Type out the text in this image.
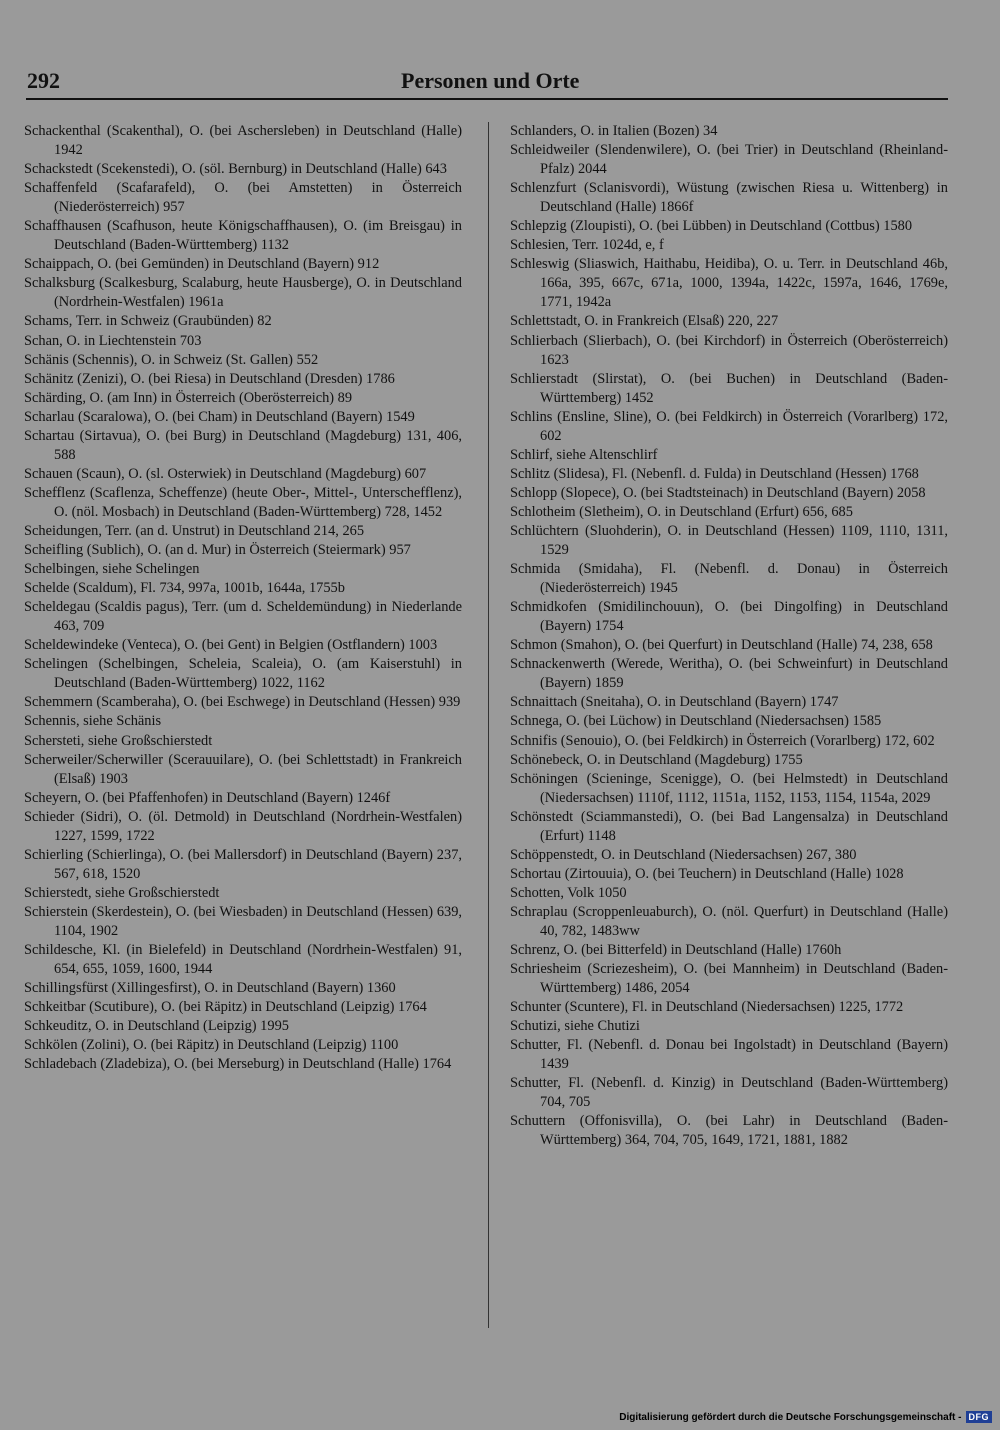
292	Personen und Orte

Schackenthal (Scakenthal), O. (bei Aschersleben) in Deutschland (Halle) 1942

Schackstedt (Scekenstedi), O. (söl. Bernburg) in Deutschland (Halle) 643

Schaffenfeld (Scafarafeld), O. (bei Amstetten) in Österreich (Niederösterreich) 957

Schaffhausen (Scafhuson, heute Königschaffhausen), O. (im Breisgau) in Deutschland (Baden-Württemberg) 1132

Schaippach, O. (bei Gemünden) in Deutschland (Bayern) 912

Schalksburg (Scalkesburg, Scalaburg, heute Hausberge), O. in Deutschland (Nordrhein-Westfalen) 1961a

Schams, Terr. in Schweiz (Graubünden) 82

Schan, O. in Liechtenstein 703

Schänis (Schennis), O. in Schweiz (St. Gallen) 552

Schänitz (Zenizi), O. (bei Riesa) in Deutschland (Dresden) 1786

Schärding, O. (am Inn) in Österreich (Oberösterreich) 89

Scharlau (Scaralowa), O. (bei Cham) in Deutschland (Bayern) 1549

Schartau (Sirtavua), O. (bei Burg) in Deutschland (Magdeburg) 131, 406, 588

Schauen (Scaun), O. (sl. Osterwiek) in Deutschland (Magdeburg) 607

Schefflenz (Scaflenza, Scheffenze) (heute Ober-, Mittel-, Unterschefflenz), O. (nöl. Mosbach) in Deutschland (Baden-Württemberg) 728, 1452

Scheidungen, Terr. (an d. Unstrut) in Deutschland 214, 265

Scheifling (Sublich), O. (an d. Mur) in Österreich (Steiermark) 957

Schelbingen, siehe Schelingen

Schelde (Scaldum), Fl. 734, 997a, 1001b, 1644a, 1755b

Scheldegau (Scaldis pagus), Terr. (um d. Scheldemündung) in Niederlande 463, 709

Scheldewindeke (Venteca), O. (bei Gent) in Belgien (Ostflandern) 1003

Schelingen (Schelbingen, Scheleia, Scaleia), O. (am Kaiserstuhl) in Deutschland (Baden-Württemberg) 1022, 1162

Schemmern (Scamberaha), O. (bei Eschwege) in Deutschland (Hessen) 939

Schennis, siehe Schänis

Schersteti, siehe Großschierstedt

Scherweiler/Scherwiller (Scerauuilare), O. (bei Schlettstadt) in Frankreich (Elsaß) 1903

Scheyern, O. (bei Pfaffenhofen) in Deutschland (Bayern) 1246f

Schieder (Sidri), O. (öl. Detmold) in Deutschland (Nordrhein-Westfalen) 1227, 1599, 1722

Schierling (Schierlinga), O. (bei Mallersdorf) in Deutschland (Bayern) 237, 567, 618, 1520

Schierstedt, siehe Großschierstedt

Schierstein (Skerdestein), O. (bei Wiesbaden) in Deutschland (Hessen) 639, 1104, 1902

Schildesche, Kl. (in Bielefeld) in Deutschland (Nordrhein-Westfalen) 91, 654, 655, 1059, 1600, 1944

Schillingsfürst (Xillingesfirst), O. in Deutschland (Bayern) 1360

Schkeitbar (Scutibure), O. (bei Räpitz) in Deutschland (Leipzig) 1764

Schkeuditz, O. in Deutschland (Leipzig) 1995

Schkölen (Zolini), O. (bei Räpitz) in Deutschland (Leipzig) 1100

Schladebach (Zladebiza), O. (bei Merseburg) in Deutschland (Halle) 1764

Schlanders, O. in Italien (Bozen) 34

Schleidweiler (Slendenwilere), O. (bei Trier) in Deutschland (Rheinland-Pfalz) 2044

Schlenzfurt (Sclanisvordi), Wüstung (zwischen Riesa u. Wittenberg) in Deutschland (Halle) 1866f

Schlepzig (Zloupisti), O. (bei Lübben) in Deutschland (Cottbus) 1580

Schlesien, Terr. 1024d, e, f

Schleswig (Sliaswich, Haithabu, Heidiba), O. u. Terr. in Deutschland 46b, 166a, 395, 667c, 671a, 1000, 1394a, 1422c, 1597a, 1646, 1769e, 1771, 1942a

Schlettstadt, O. in Frankreich (Elsaß) 220, 227

Schlierbach (Slierbach), O. (bei Kirchdorf) in Österreich (Oberösterreich) 1623

Schlierstadt (Slirstat), O. (bei Buchen) in Deutschland (Baden-Württemberg) 1452

Schlins (Ensline, Sline), O. (bei Feldkirch) in Österreich (Vorarlberg) 172, 602

Schlirf, siehe Altenschlirf

Schlitz (Slidesa), Fl. (Nebenfl. d. Fulda) in Deutschland (Hessen) 1768

Schlopp (Slopece), O. (bei Stadtsteinach) in Deutschland (Bayern) 2058

Schlotheim (Sletheim), O. in Deutschland (Erfurt) 656, 685

Schlüchtern (Sluohderin), O. in Deutschland (Hessen) 1109, 1110, 1311, 1529

Schmida (Smidaha), Fl. (Nebenfl. d. Donau) in Österreich (Niederösterreich) 1945

Schmidkofen (Smidilinchouun), O. (bei Dingolfing) in Deutschland (Bayern) 1754

Schmon (Smahon), O. (bei Querfurt) in Deutschland (Halle) 74, 238, 658

Schnackenwerth (Werede, Weritha), O. (bei Schweinfurt) in Deutschland (Bayern) 1859

Schnaittach (Sneitaha), O. in Deutschland (Bayern) 1747

Schnega, O. (bei Lüchow) in Deutschland (Niedersachsen) 1585

Schnifis (Senouio), O. (bei Feldkirch) in Österreich (Vorarlberg) 172, 602

Schönebeck, O. in Deutschland (Magdeburg) 1755

Schöningen (Scieninge, Scenigge), O. (bei Helmstedt) in Deutschland (Niedersachsen) 1110f, 1112, 1151a, 1152, 1153, 1154, 1154a, 2029

Schönstedt (Sciammanstedi), O. (bei Bad Langensalza) in Deutschland (Erfurt) 1148

Schöppenstedt, O. in Deutschland (Niedersachsen) 267, 380

Schortau (Zirtouuia), O. (bei Teuchern) in Deutschland (Halle) 1028

Schotten, Volk 1050

Schraplau (Scroppenleuaburch), O. (nöl. Querfurt) in Deutschland (Halle) 40, 782, 1483ww

Schrenz, O. (bei Bitterfeld) in Deutschland (Halle) 1760h

Schriesheim (Scriezesheim), O. (bei Mannheim) in Deutschland (Baden-Württemberg) 1486, 2054

Schunter (Scuntere), Fl. in Deutschland (Niedersachsen) 1225, 1772

Schutizi, siehe Chutizi

Schutter, Fl. (Nebenfl. d. Donau bei Ingolstadt) in Deutschland (Bayern) 1439

Schutter, Fl. (Nebenfl. d. Kinzig) in Deutschland (Baden-Württemberg) 704, 705

Schuttern (Offonisvilla), O. (bei Lahr) in Deutschland (Baden-Württemberg) 364, 704, 705, 1649, 1721, 1881, 1882

Digitalisierung gefördert durch die Deutsche Forschungsgemeinschaft - DFG
